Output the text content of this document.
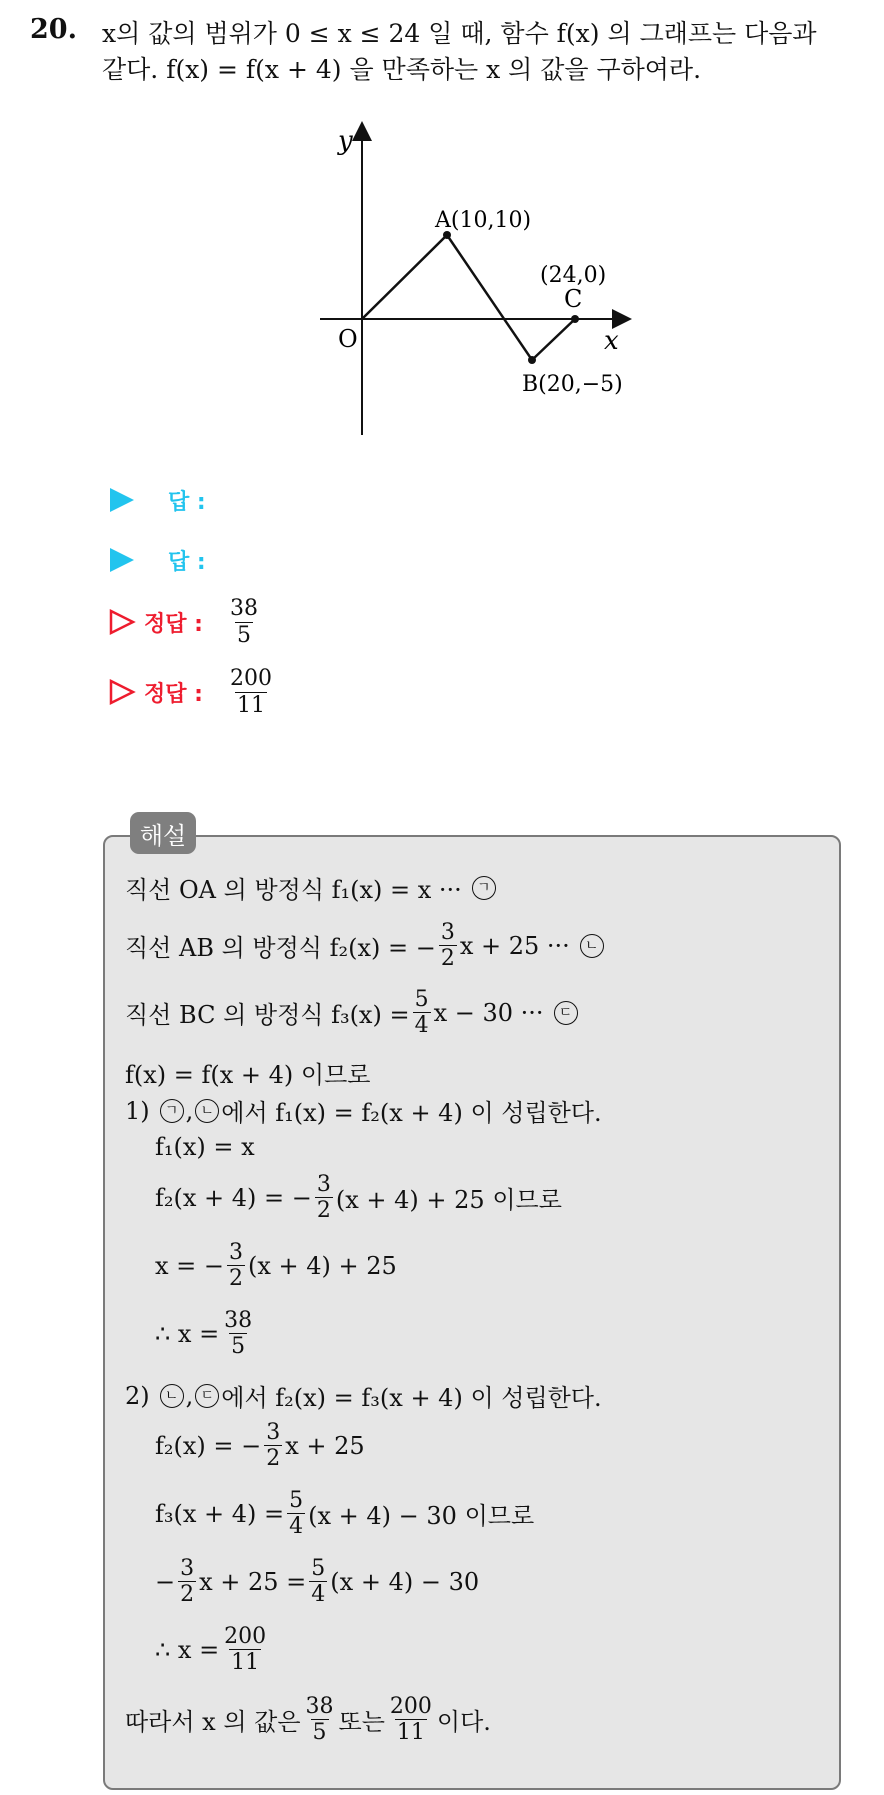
20. x의 값의 범위가 0 ≤ x ≤ 24 일 때, 함수 f(x) 의 그래프는 다음과
같다. f(x) = f(x + 4) 을 만족하는 x 의 값을 구하여라.
y
x
O
A(10,10)
B(20,−5)
(24,0)
C
답 :
답 :
정답 : $\frac{38}{5}$
정답 : $\frac{200}{11}$
해설
직선 OA 의 방정식 f₁(x) = x ···	ㄱ
직선 AB 의 방정식 f₂(x) = − $\frac{3}{2}$ x + 25 ···	ㄴ
직선 BC 의 방정식 $f_3(x) = \frac{5}{4}$ x − 30 ···	ㄷ
f(x) = f(x + 4) 이므로
1)	ㄱ , ㄴ 에서 f₁(x) = f₂(x + 4) 이 성립한다.
f₁(x) = x
f₂(x + 4) = − $\frac{3}{2} (x + 4) + 25$ 이므로
x = − $\frac{3}{2} (x + 4) + 25$
∴ $x = \frac{38}{5}$
2)	ㄴ , ㄷ 에서 f₂(x) = f₃(x + 4) 이 성립한다.
f₂(x) = − $\frac{3}{2}$ x + 25
$f_3(x + 4) = \frac{5}{4} (x + 4) - 30$ 이므로
− $\frac{3}{2}$ $x + 25 = \frac{5}{4} (x + 4) - 30$
∴ $x = \frac{200}{11}$
따라서 x 의 값은 $\frac{38}{5}$ 또는 $\frac{200}{11}$ 이다.
